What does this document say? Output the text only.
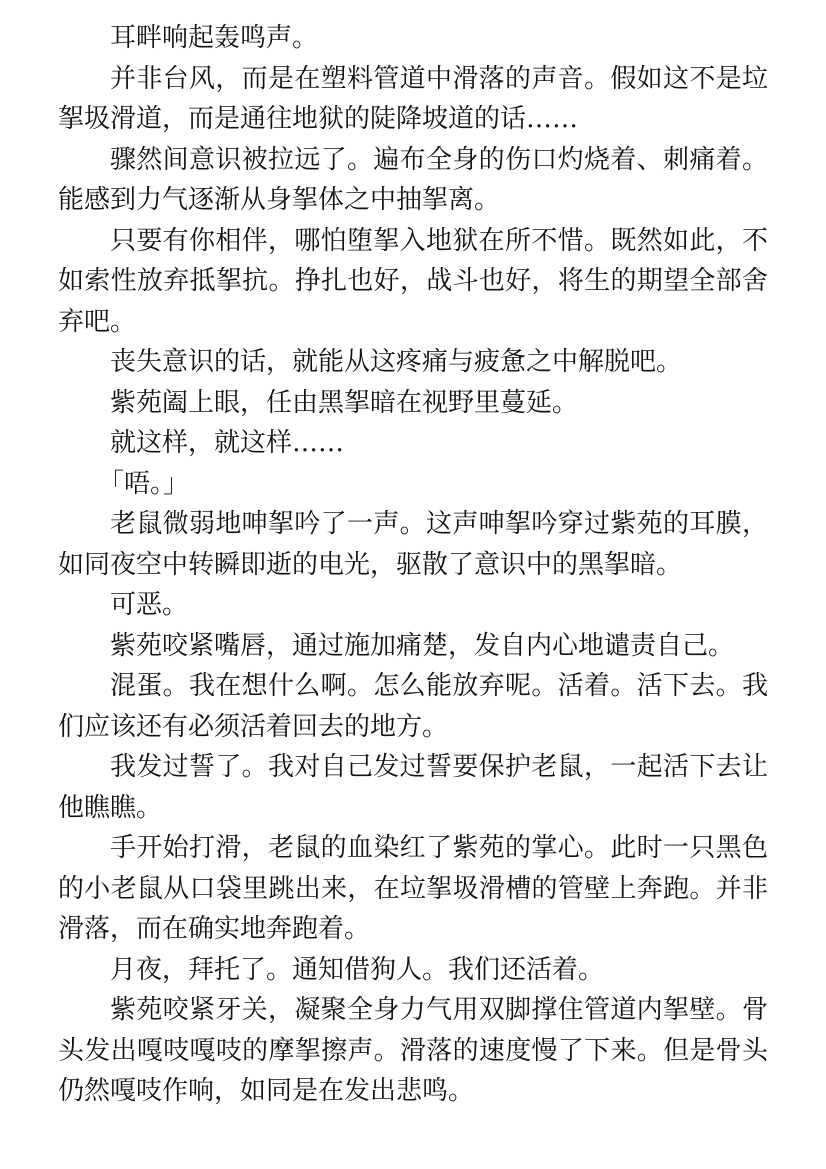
耳畔响起轰鸣声。

并非台风，而是在塑料管道中滑落的声音。假如这不是垃挐圾滑道，而是通往地狱的陡降坡道的话……

骤然间意识被拉远了。遍布全身的伤口灼烧着、刺痛着。能感到力气逐渐从身挐体之中抽挐离。

只要有你相伴，哪怕堕挐入地狱在所不惜。既然如此，不如索性放弃抵挐抗。挣扎也好，战斗也好，将生的期望全部舍弃吧。

丧失意识的话，就能从这疼痛与疲惫之中解脱吧。

紫苑阖上眼，任由黑挐暗在视野里蔓延。

就这样，就这样……

「唔。」

老鼠微弱地呻挐吟了一声。这声呻挐吟穿过紫苑的耳膜，如同夜空中转瞬即逝的电光，驱散了意识中的黑挐暗。

可恶。

紫苑咬紧嘴唇，通过施加痛楚，发自内心地谴责自己。

混蛋。我在想什么啊。怎么能放弃呢。活着。活下去。我们应该还有必须活着回去的地方。

我发过誓了。我对自己发过誓要保护老鼠，一起活下去让他瞧瞧。

手开始打滑，老鼠的血染红了紫苑的掌心。此时一只黑色的小老鼠从口袋里跳出来，在垃挐圾滑槽的管壁上奔跑。并非滑落，而在确实地奔跑着。

月夜，拜托了。通知借狗人。我们还活着。

紫苑咬紧牙关，凝聚全身力气用双脚撑住管道内挐壁。骨头发出嘎吱嘎吱的摩挐擦声。滑落的速度慢了下来。但是骨头仍然嘎吱作响，如同是在发出悲鸣。
